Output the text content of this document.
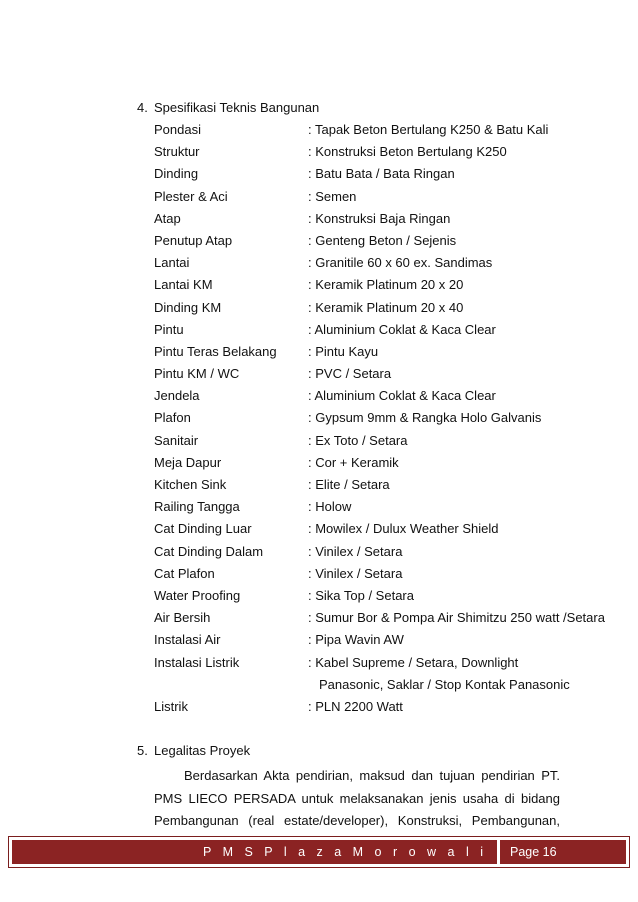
4. Spesifikasi Teknis Bangunan
Pondasi	: Tapak Beton Bertulang K250 & Batu Kali
Struktur	: Konstruksi Beton Bertulang K250
Dinding	: Batu Bata / Bata Ringan
Plester & Aci	: Semen
Atap	: Konstruksi Baja Ringan
Penutup Atap	: Genteng Beton / Sejenis
Lantai	: Granitile 60 x 60 ex. Sandimas
Lantai KM	: Keramik Platinum 20 x 20
Dinding KM	: Keramik Platinum 20 x 40
Pintu	: Aluminium Coklat & Kaca Clear
Pintu Teras Belakang : Pintu Kayu
Pintu KM / WC	: PVC / Setara
Jendela	: Aluminium Coklat & Kaca Clear
Plafon	: Gypsum 9mm & Rangka Holo Galvanis
Sanitair	: Ex Toto / Setara
Meja Dapur	: Cor + Keramik
Kitchen Sink	: Elite / Setara
Railing Tangga	: Holow
Cat Dinding Luar	: Mowilex / Dulux Weather Shield
Cat Dinding Dalam	: Vinilex / Setara
Cat Plafon	: Vinilex / Setara
Water Proofing	: Sika Top / Setara
Air Bersih	: Sumur Bor & Pompa Air Shimitzu 250 watt /Setara
Instalasi Air	: Pipa Wavin AW
Instalasi Listrik	: Kabel Supreme / Setara, Downlight
Panasonic, Saklar / Stop Kontak Panasonic
Listrik	: PLN 2200 Watt
5. Legalitas Proyek
Berdasarkan Akta pendirian, maksud dan tujuan pendirian PT.
PMS LIECO PERSADA untuk melaksanakan jenis usaha di bidang
Pembangunan (real estate/developer), Konstruksi, Pembangunan,
P M S P l a z a M o r o w a l i	Page 16
